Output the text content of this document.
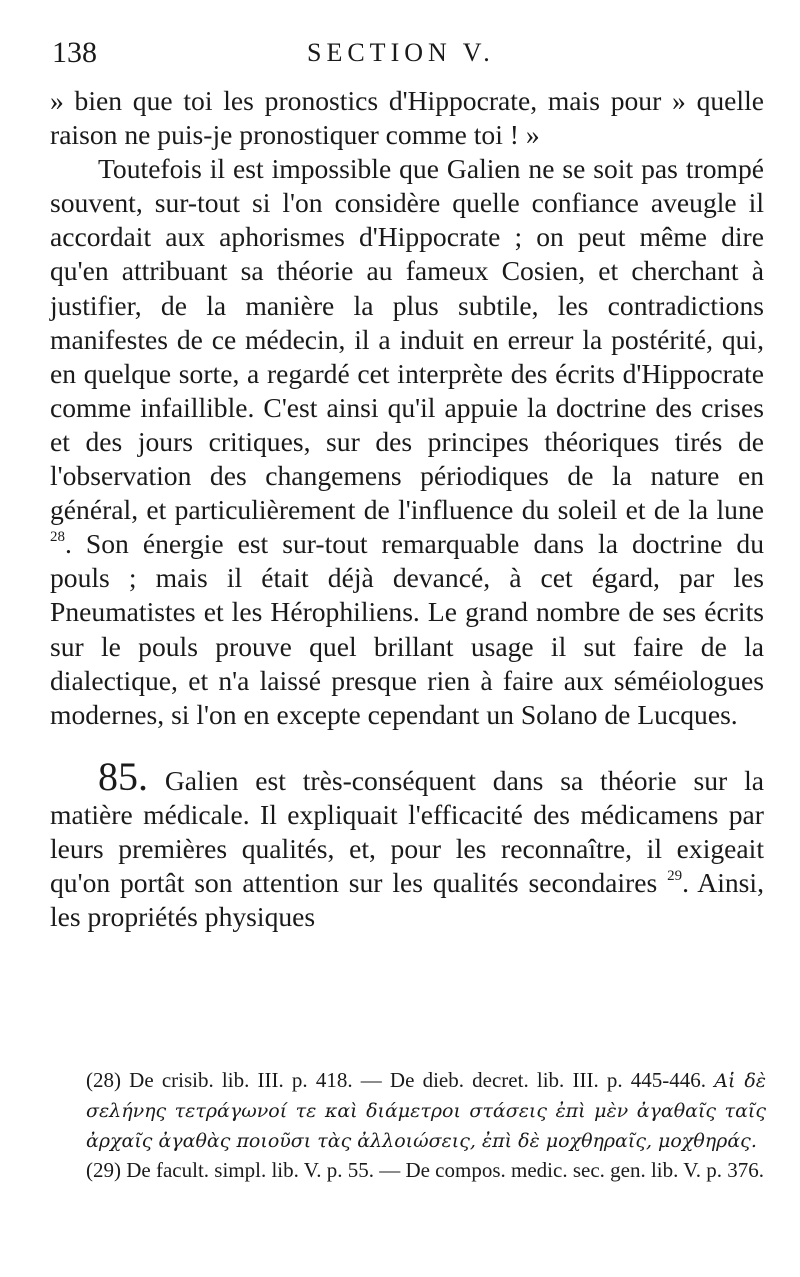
138	SECTION V.

» bien que toi les pronostics d'Hippocrate, mais pour » quelle raison ne puis-je pronostiquer comme toi ! »

Toutefois il est impossible que Galien ne se soit pas trompé souvent, sur-tout si l'on considère quelle confiance aveugle il accordait aux aphorismes d'Hippocrate ; on peut même dire qu'en attribuant sa théorie au fameux Cosien, et cherchant à justifier, de la manière la plus subtile, les contradictions manifestes de ce médecin, il a induit en erreur la postérité, qui, en quelque sorte, a regardé cet interprète des écrits d'Hippocrate comme infaillible. C'est ainsi qu'il appuie la doctrine des crises et des jours critiques, sur des principes théoriques tirés de l'observation des changemens périodiques de la nature en général, et particulièrement de l'influence du soleil et de la lune $^{28}$. Son énergie est sur-tout remarquable dans la doctrine du pouls ; mais il était déjà devancé, à cet égard, par les Pneumatistes et les Hérophiliens. Le grand nombre de ses écrits sur le pouls prouve quel brillant usage il sut faire de la dialectique, et n'a laissé presque rien à faire aux séméiologues modernes, si l'on en excepte cependant un Solano de Lucques.

85. Galien est très-conséquent dans sa théorie sur la matière médicale. Il expliquait l'efficacité des médicamens par leurs premières qualités, et, pour les reconnaître, il exigeait qu'on portât son attention sur les qualités secondaires $^{29}$. Ainsi, les propriétés physiques

(28) De crisib. lib. III. p. 418. — De dieb. decret. lib. III. p. 445-446. Αἱ δὲ σελήνης τετράγωνοί τε καὶ διάμετροι στάσεις ἐπὶ μὲν ἀγαθαῖς ταῖς ἀρχαῖς ἀγαθὰς ποιοῦσι τὰς ἀλλοιώσεις, ἐπὶ δὲ μοχθηραῖς, μοχθηράς.

(29) De facult. simpl. lib. V. p. 55. — De compos. medic. sec. gen. lib. V. p. 376.
